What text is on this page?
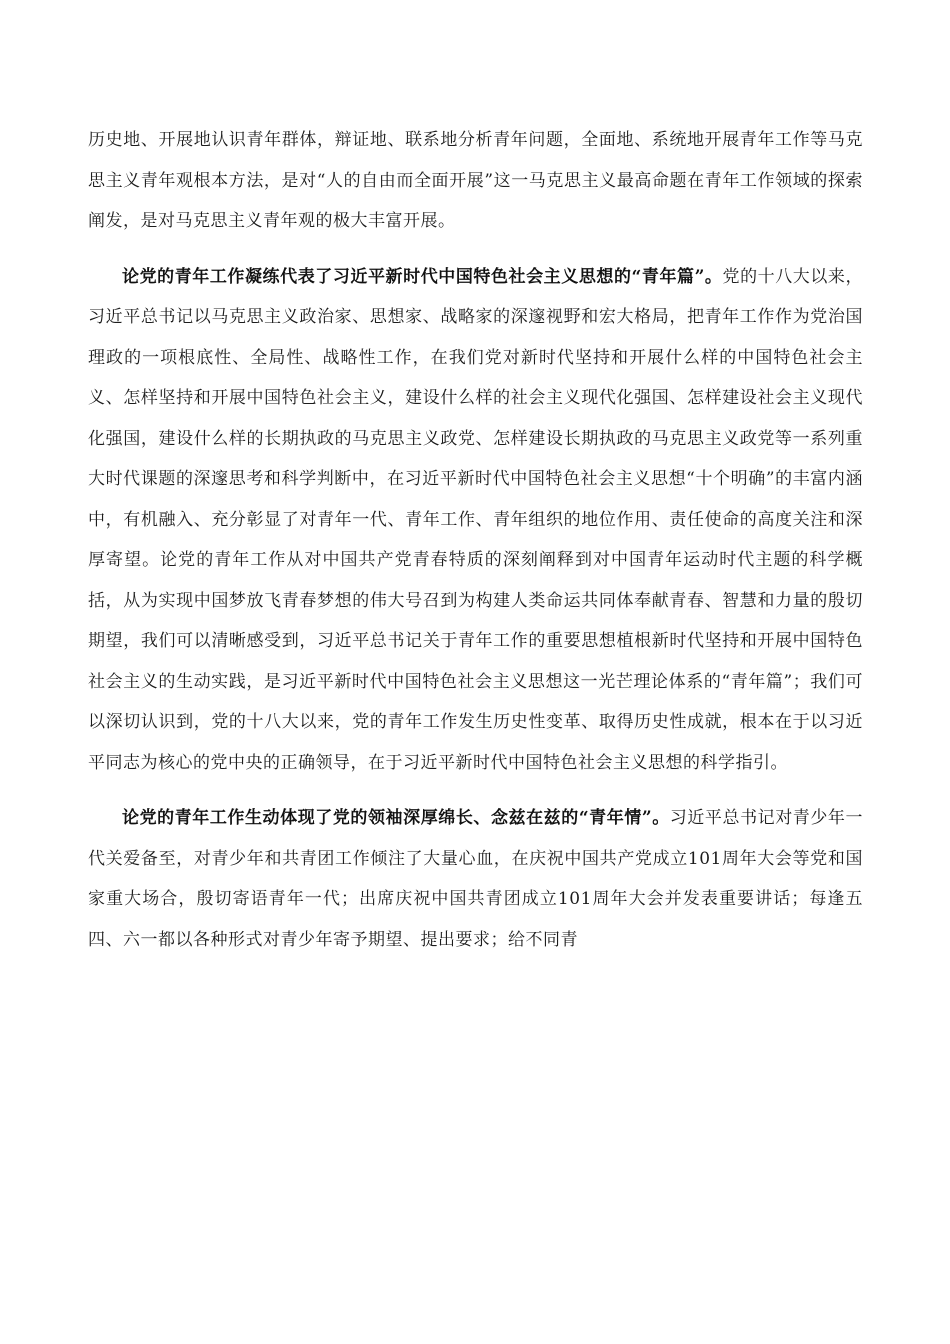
历史地、开展地认识青年群体，辩证地、联系地分析青年问题，全面地、系统地开展青年工作等马克思主义青年观根本方法，是对“人的自由而全面开展”这一马克思主义最高命题在青年工作领域的探索阐发，是对马克思主义青年观的极大丰富开展。

论党的青年工作凝练代表了习近平新时代中国特色社会主义思想的“青年篇”。党的十八大以来，习近平总书记以马克思主义政治家、思想家、战略家的深邃视野和宏大格局，把青年工作作为党治国理政的一项根底性、全局性、战略性工作，在我们党对新时代坚持和开展什么样的中国特色社会主义、怎样坚持和开展中国特色社会主义，建设什么样的社会主义现代化强国、怎样建设社会主义现代化强国，建设什么样的长期执政的马克思主义政党、怎样建设长期执政的马克思主义政党等一系列重大时代课题的深邃思考和科学判断中，在习近平新时代中国特色社会主义思想“十个明确”的丰富内涵中，有机融入、充分彰显了对青年一代、青年工作、青年组织的地位作用、责任使命的高度关注和深厚寄望。论党的青年工作从对中国共产党青春特质的深刻阐释到对中国青年运动时代主题的科学概括，从为实现中国梦放飞青春梦想的伟大号召到为构建人类命运共同体奉献青春、智慧和力量的殷切期望，我们可以清晰感受到，习近平总书记关于青年工作的重要思想植根新时代坚持和开展中国特色社会主义的生动实践，是习近平新时代中国特色社会主义思想这一光芒理论体系的“青年篇”；我们可以深切认识到，党的十八大以来，党的青年工作发生历史性变革、取得历史性成就，根本在于以习近平同志为核心的党中央的正确领导，在于习近平新时代中国特色社会主义思想的科学指引。

论党的青年工作生动体现了党的领袖深厚绵长、念兹在兹的“青年情”。习近平总书记对青少年一代关爱备至，对青少年和共青团工作倾注了大量心血，在庆祝中国共产党成立101周年大会等党和国家重大场合，殷切寄语青年一代；出席庆祝中国共青团成立101周年大会并发表重要讲话；每逢五四、六一都以各种形式对青少年寄予期望、提出要求；给不同青
